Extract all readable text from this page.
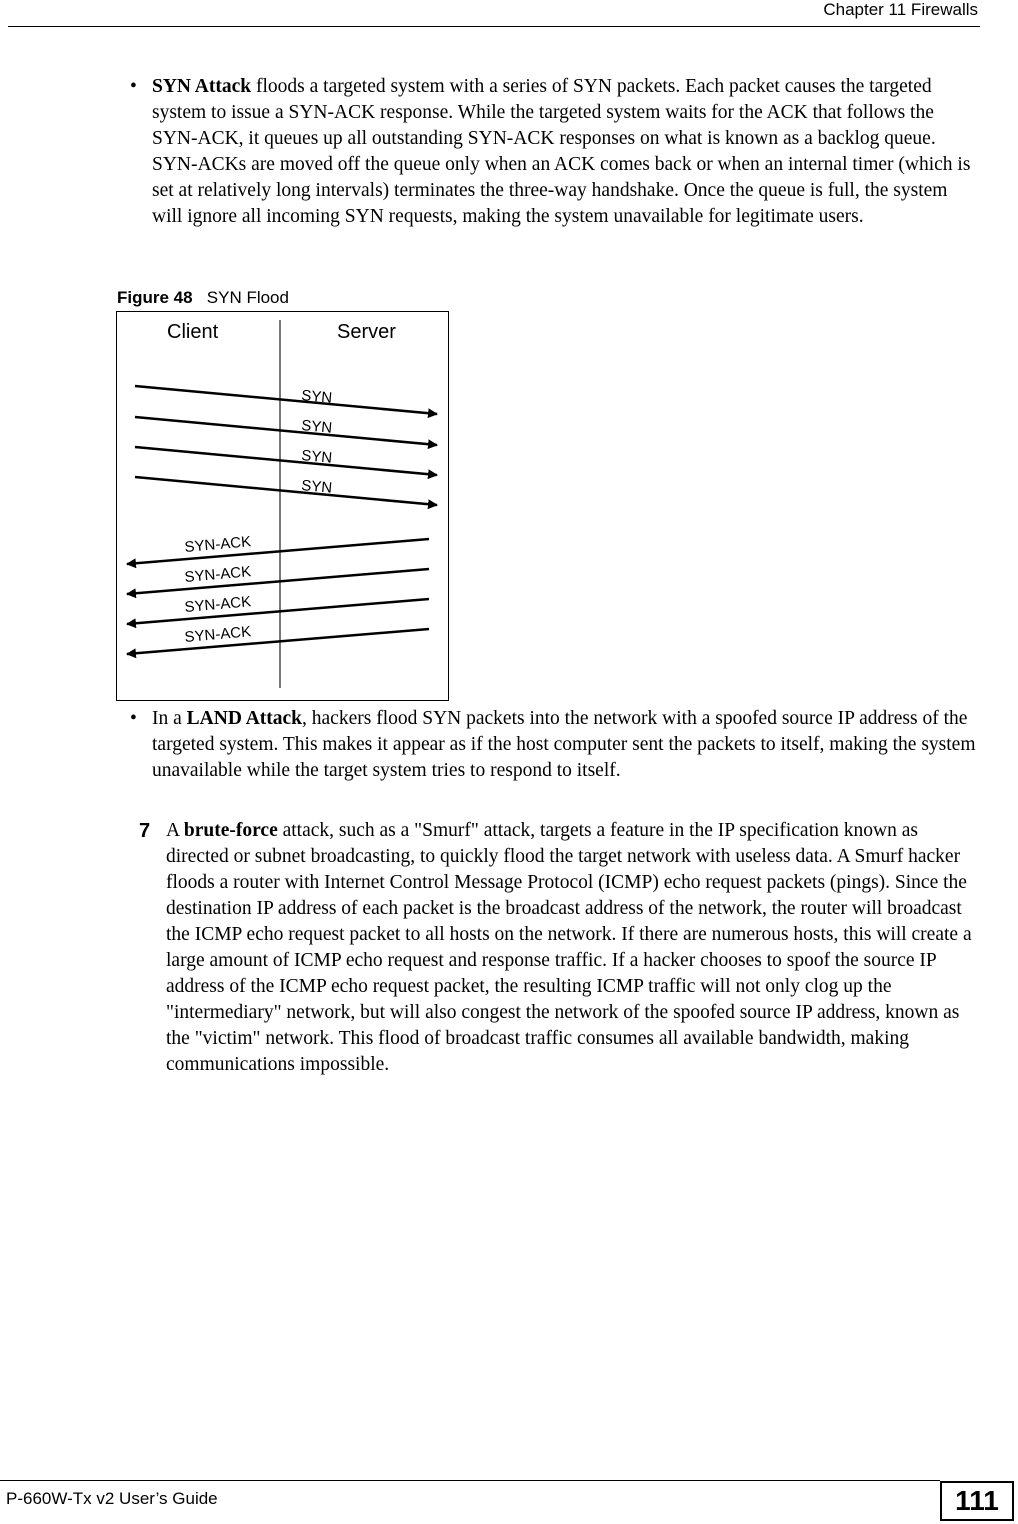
Chapter 11 Firewalls
• SYN Attack floods a targeted system with a series of SYN packets. Each packet causes the targeted system to issue a SYN-ACK response. While the targeted system waits for the ACK that follows the SYN-ACK, it queues up all outstanding SYN-ACK responses on what is known as a backlog queue. SYN-ACKs are moved off the queue only when an ACK comes back or when an internal timer (which is set at relatively long intervals) terminates the three-way handshake. Once the queue is full, the system will ignore all incoming SYN requests, making the system unavailable for legitimate users.

Figure 48 SYN Flood
Client	Server
SYN
SYN
SYN
SYN
SYN-ACK
SYN-ACK
SYN-ACK
SYN-ACK
• In a LAND Attack, hackers flood SYN packets into the network with a spoofed source IP address of the targeted system. This makes it appear as if the host computer sent the packets to itself, making the system unavailable while the target system tries to respond to itself.

7 A brute-force attack, such as a "Smurf" attack, targets a feature in the IP specification known as directed or subnet broadcasting, to quickly flood the target network with useless data. A Smurf hacker floods a router with Internet Control Message Protocol (ICMP) echo request packets (pings). Since the destination IP address of each packet is the broadcast address of the network, the router will broadcast the ICMP echo request packet to all hosts on the network. If there are numerous hosts, this will create a large amount of ICMP echo request and response traffic. If a hacker chooses to spoof the source IP address of the ICMP echo request packet, the resulting ICMP traffic will not only clog up the "intermediary" network, but will also congest the network of the spoofed source IP address, known as the "victim" network. This flood of broadcast traffic consumes all available bandwidth, making communications impossible.

P-660W-Tx v2 User’s Guide	111
